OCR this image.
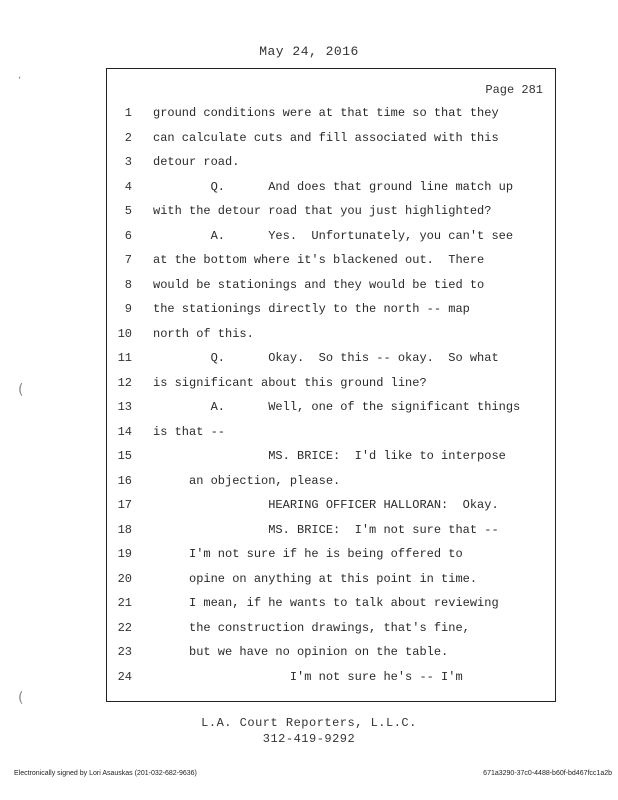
May 24, 2016
,
(
(
Page 281
1 ground conditions were at that time so that they
2 can calculate cuts and fill associated with this
3 detour road.
4 Q.      And does that ground line match up
5 with the detour road that you just highlighted?
6 A.      Yes.  Unfortunately, you can't see
7 at the bottom where it's blackened out.  There
8 would be stationings and they would be tied to
9 the stationings directly to the north -- map
10 north of this.
11 Q.      Okay.  So this -- okay.  So what
12 is significant about this ground line?
13 A.      Well, one of the significant things
14 is that --
15 MS. BRICE:  I'd like to interpose
16 an objection, please.
17 HEARING OFFICER HALLORAN:  Okay.
18 MS. BRICE:  I'm not sure that --
19 I'm not sure if he is being offered to
20 opine on anything at this point in time.
21 I mean, if he wants to talk about reviewing
22 the construction drawings, that's fine,
23 but we have no opinion on the table.
24 I'm not sure he's -- I'm
L.A. Court Reporters, L.L.C.
312-419-9292
Electronically signed by Lori Asauskas (201-032-682-9636)	671a3290-37c0-4488-b60f-bd467fcc1a2b
